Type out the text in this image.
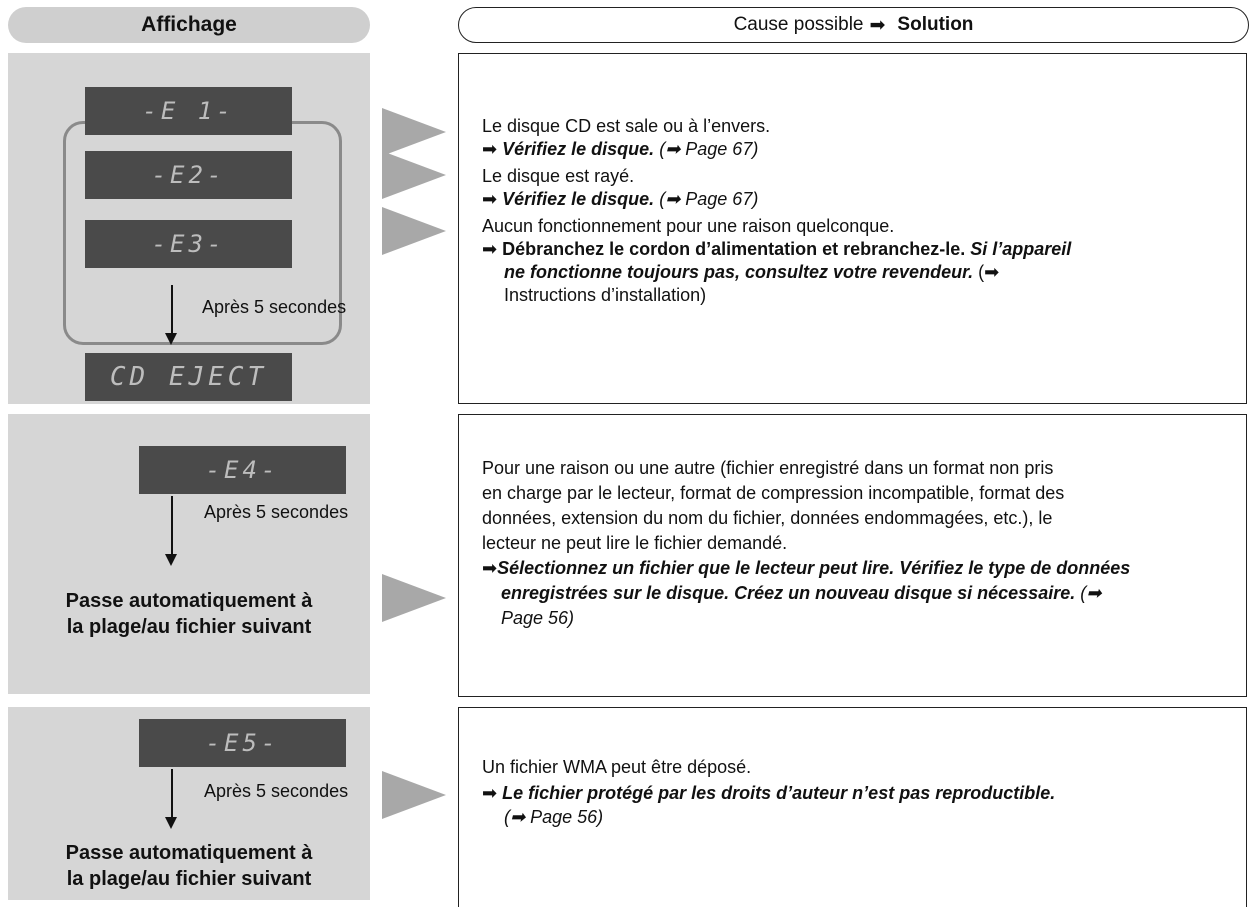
Affichage	Cause possible ➡ Solution
-E 1-
-E2-
-E3-
Après 5 secondes
CD EJECT
Le disque CD est sale ou à l’envers.
➡ Vérifiez le disque. (➡ Page 67)
Le disque est rayé.
➡ Vérifiez le disque. (➡ Page 67)
Aucun fonctionnement pour une raison quelconque.
➡ Débranchez le cordon d’alimentation et rebranchez-le. Si l’appareil
ne fonctionne toujours pas, consultez votre revendeur. (➡
Instructions d’installation)
-E4-
Après 5 secondes
Passe automatiquement à
la plage/au fichier suivant
Pour une raison ou une autre (fichier enregistré dans un format non pris
en charge par le lecteur, format de compression incompatible, format des
données, extension du nom du fichier, données endommagées, etc.), le
lecteur ne peut lire le fichier demandé.
➡Sélectionnez un fichier que le lecteur peut lire. Vérifiez le type de données
enregistrées sur le disque. Créez un nouveau disque si nécessaire. (➡
Page 56)
-E5-
Après 5 secondes
Passe automatiquement à
la plage/au fichier suivant
Un fichier WMA peut être déposé.
➡ Le fichier protégé par les droits d’auteur n’est pas reproductible.
(➡ Page 56)
